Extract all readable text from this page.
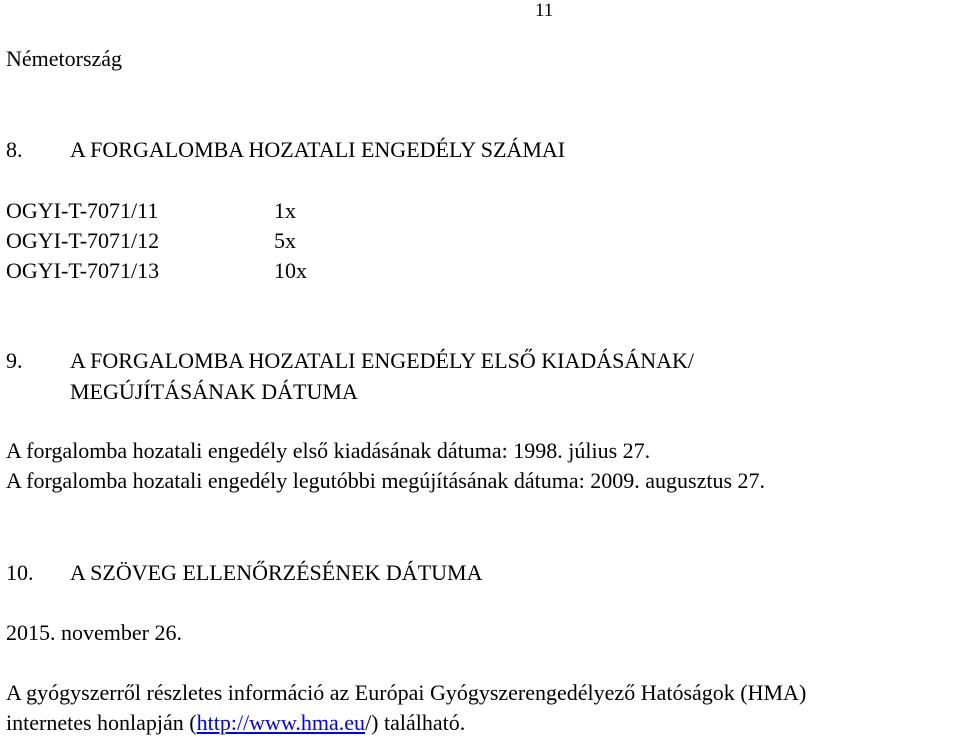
11
Németország
8. A FORGALOMBA HOZATALI ENGEDÉLY SZÁMAI
OGYI-T-7071/11	1x
OGYI-T-7071/12	5x
OGYI-T-7071/13	10x
9. A FORGALOMBA HOZATALI ENGEDÉLY ELSŐ KIADÁSÁNAK/
MEGÚJÍTÁSÁNAK DÁTUMA
A forgalomba hozatali engedély első kiadásának dátuma: 1998. július 27.
A forgalomba hozatali engedély legutóbbi megújításának dátuma: 2009. augusztus 27.
10. A SZÖVEG ELLENŐRZÉSÉNEK DÁTUMA
2015. november 26.
A gyógyszerről részletes információ az Európai Gyógyszerengedélyező Hatóságok (HMA)
internetes honlapján (http://www.hma.eu/) található.
